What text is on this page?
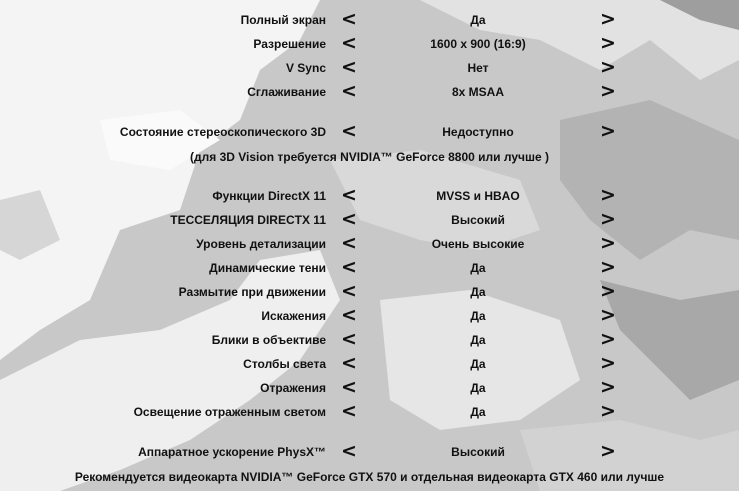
Полный экран <	Да	>
Разрешение <	1600 x 900 (16:9)	>
V Sync <	Нет	>
Сглаживание <	8x MSAA	>
Состояние стереоскопического 3D <	Недоступно	>
Функции DirectX 11 <	MVSS и HBAO	>
ТЕССЕЛЯЦИЯ DIRECTX 11 <	Высокий	>
Уровень детализации <	Очень высокие	>
Динамические тени <	Да	>
Размытие при движении <	Да	>
Искажения <	Да	>
Блики в объективе <	Да	>
Столбы света <	Да	>
Отражения <	Да	>
Освещение отраженным светом <	Да	>
Аппаратное ускорение PhysX™ <	Высокий	>
(для 3D Vision требуется NVIDIA™ GeForce 8800 или лучше )
Рекомендуется видеокарта NVIDIA™ GeForce GTX 570 и отдельная видеокарта GTX 460 или лучше
